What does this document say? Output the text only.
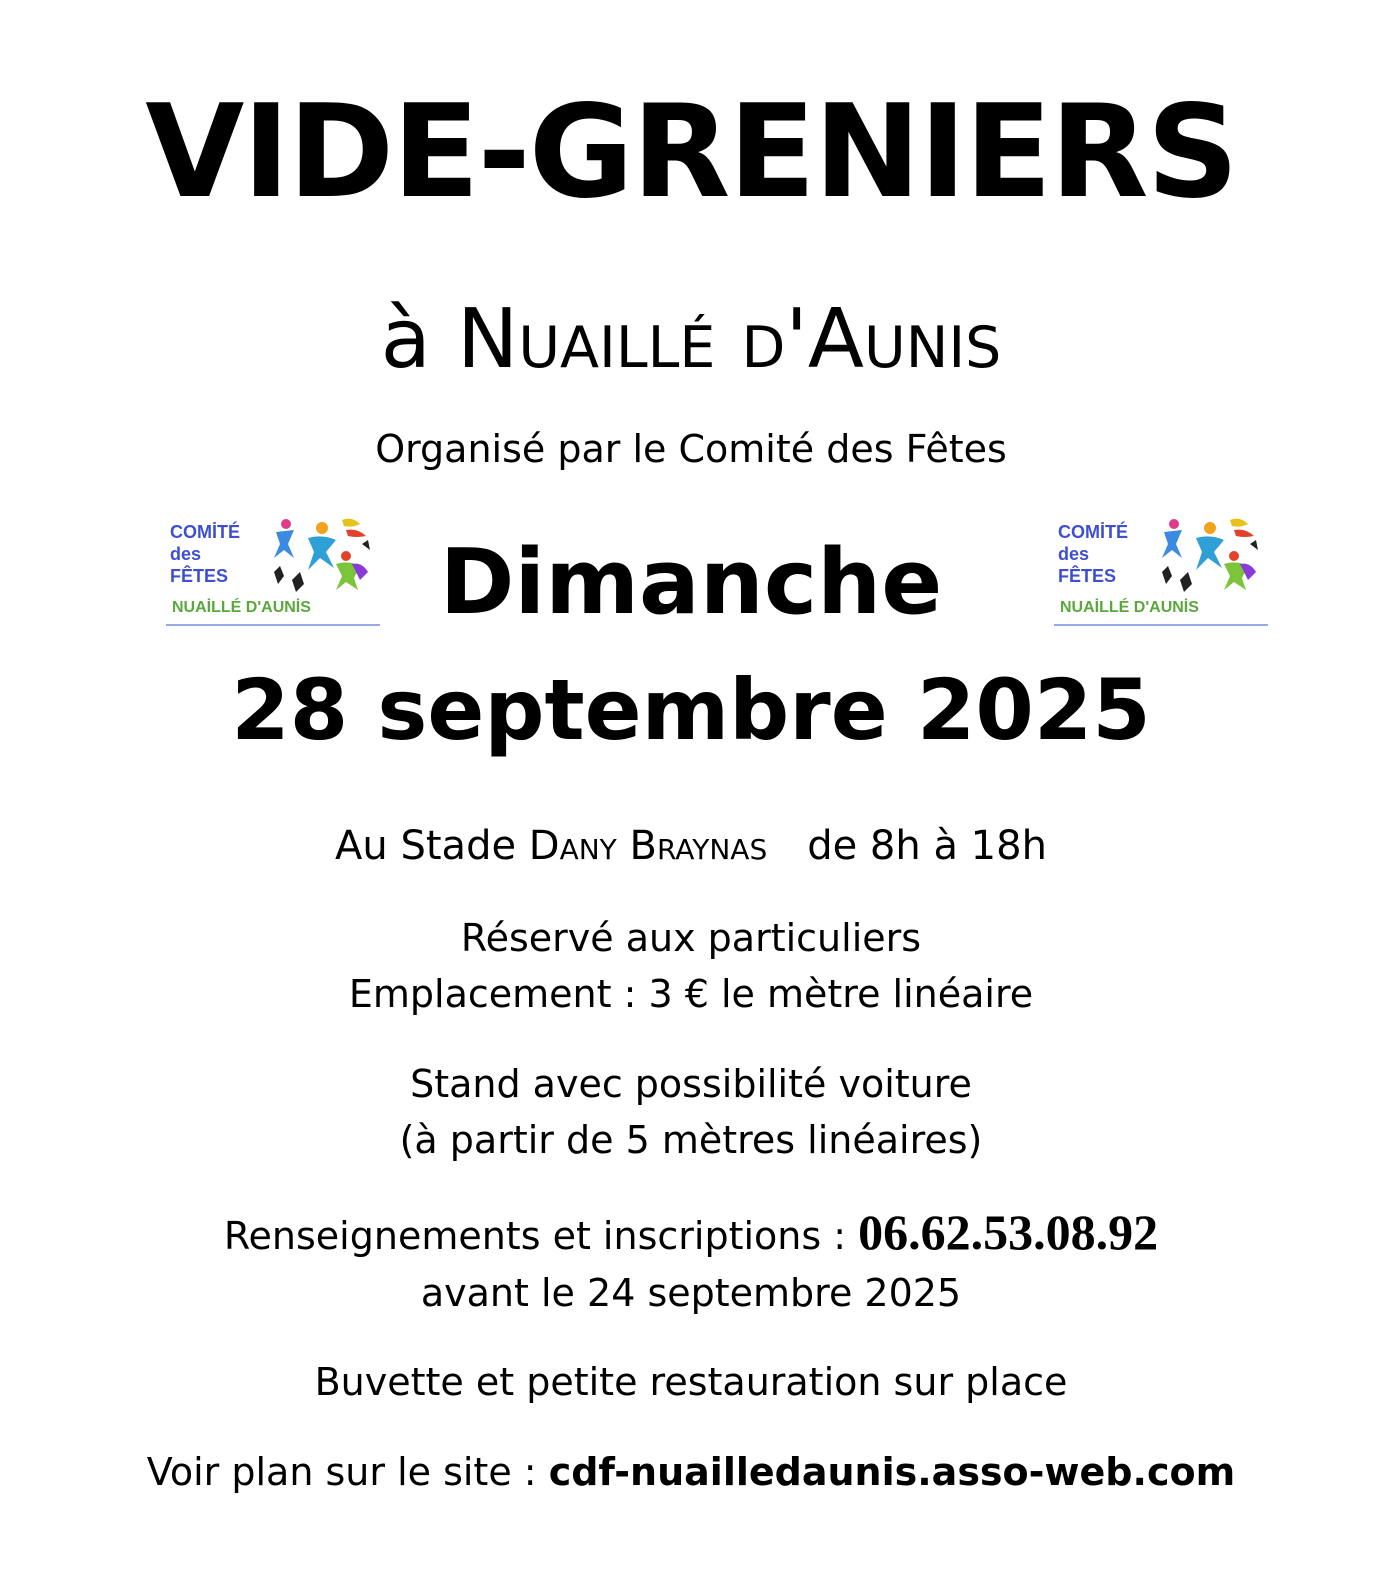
VIDE-GRENIERS
à Nuaillé d'Aunis
Organisé par le Comité des Fêtes
COMİTÉ
des
FÊTES
NUAİLLÉ D'AUNİS
COMİTÉ
des
FÊTES
NUAİLLÉ D'AUNİS
Dimanche
28 septembre 2025
Au Stade Dany Braynas de 8h à 18h
Réservé aux particuliers
Emplacement : 3 € le mètre linéaire
Stand avec possibilité voiture
(à partir de 5 mètres linéaires)
Renseignements et inscriptions : 06.62.53.08.92
avant le 24 septembre 2025
Buvette et petite restauration sur place
Voir plan sur le site : cdf-nuailledaunis.asso-web.com
